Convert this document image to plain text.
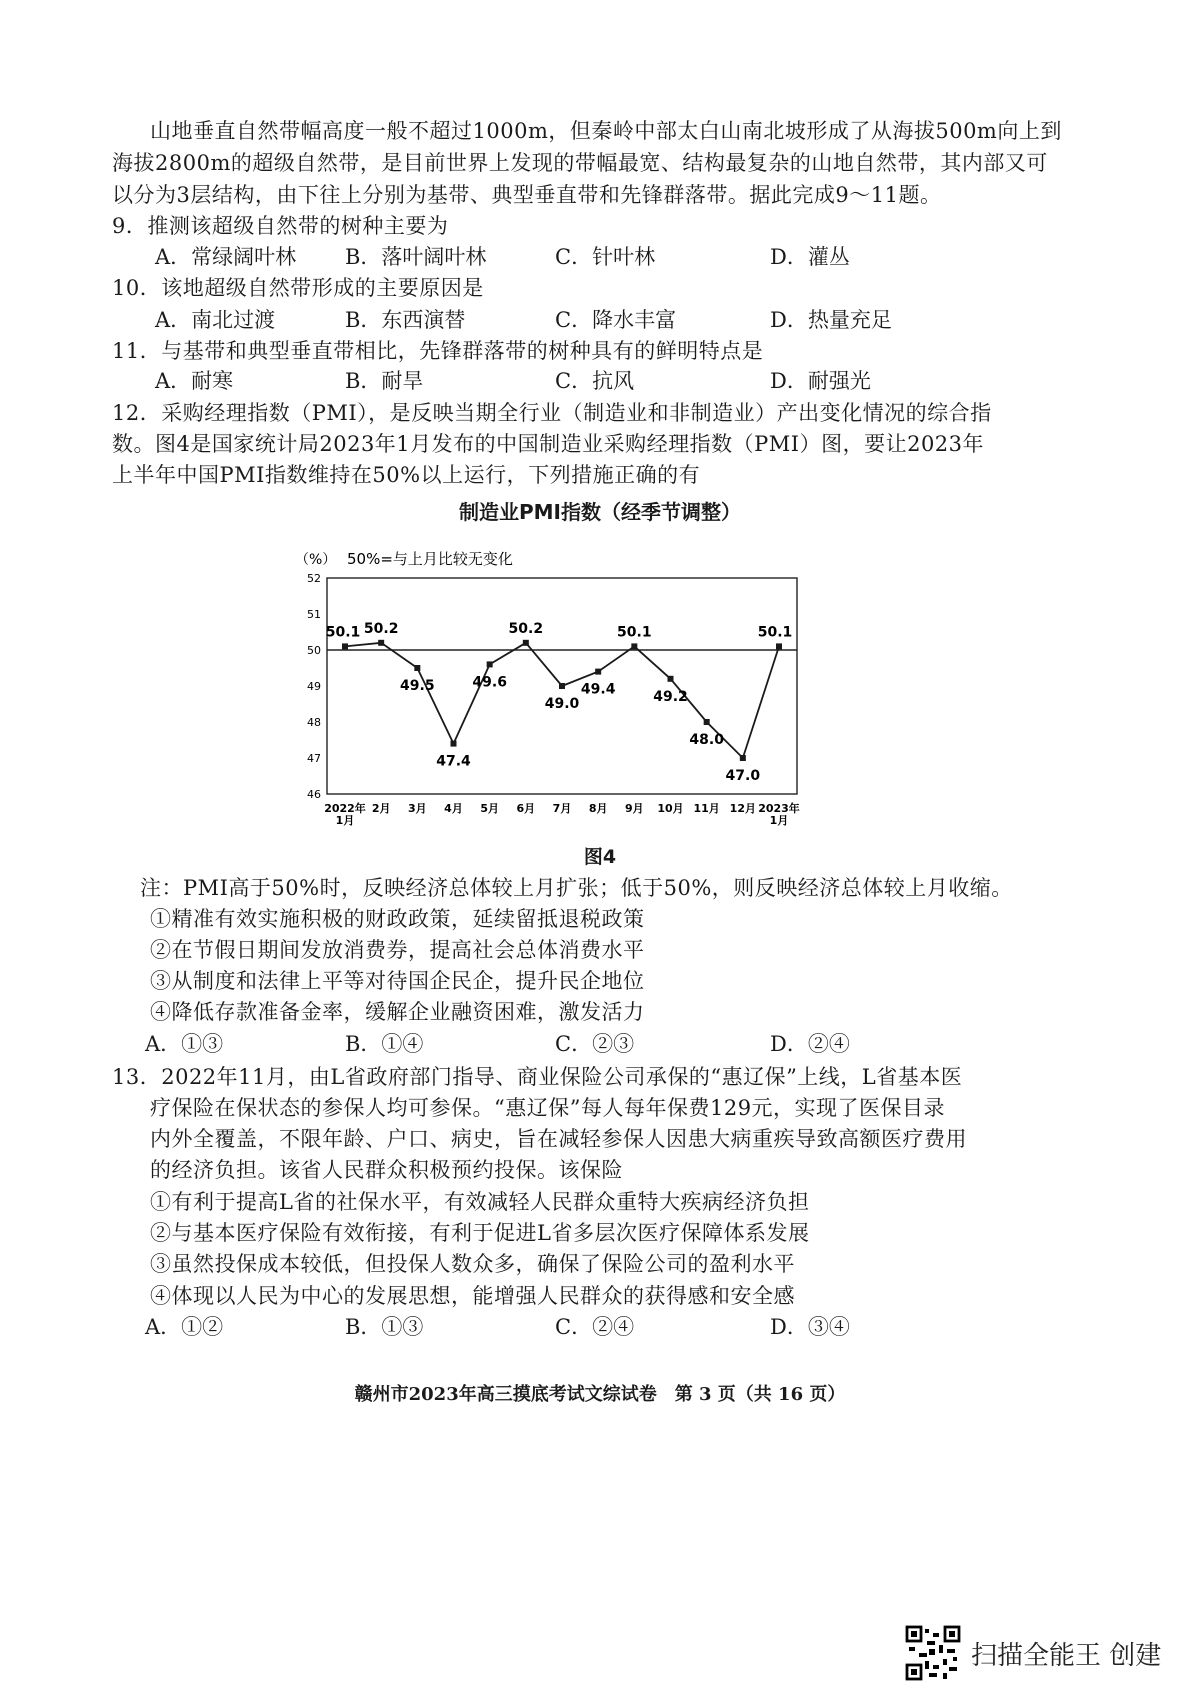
山地垂直自然带幅高度一般不超过1000m，但秦岭中部太白山南北坡形成了从海拔500m向上到
海拔2800m的超级自然带，是目前世界上发现的带幅最宽、结构最复杂的山地自然带，其内部又可
以分为3层结构，由下往上分别为基带、典型垂直带和先锋群落带。据此完成9～11题。
9．推测该超级自然带的树种主要为
A．常绿阔叶林 B．落叶阔叶林	C．针叶林	D．灌丛
10．该地超级自然带形成的主要原因是
A．南北过渡	B．东西演替	C．降水丰富	D．热量充足
11．与基带和典型垂直带相比，先锋群落带的树种具有的鲜明特点是
A．耐寒	B．耐旱	C．抗风	D．耐强光
12．采购经理指数（PMI），是反映当期全行业（制造业和非制造业）产出变化情况的综合指
数。图4是国家统计局2023年1月发布的中国制造业采购经理指数（PMI）图，要让2023年
上半年中国PMI指数维持在50%以上运行，下列措施正确的有
制造业PMI指数（经季节调整）
（%） 50%=与上月比较无变化
52
51
50
49
48
47
46
50.1 50.2
49.5
47.4
49.6
50.2
49.0
49.4
50.1
49.2
48.0
47.0
50.1
2022年
1月
2月 3月 4月 5月 6月 7月 8月 9月 10月 11月 12月 2023年
1月
图4
注：PMI高于50%时，反映经济总体较上月扩张；低于50%，则反映经济总体较上月收缩。
①精准有效实施积极的财政政策，延续留抵退税政策
②在节假日期间发放消费券，提高社会总体消费水平
③从制度和法律上平等对待国企民企，提升民企地位
④降低存款准备金率，缓解企业融资困难，激发活力
A．①③	B．①④	C．②③	D．②④
13．2022年11月，由L省政府部门指导、商业保险公司承保的“惠辽保”上线，L省基本医
疗保险在保状态的参保人均可参保。“惠辽保”每人每年保费129元，实现了医保目录
内外全覆盖，不限年龄、户口、病史，旨在减轻参保人因患大病重疾导致高额医疗费用
的经济负担。该省人民群众积极预约投保。该保险
①有利于提高L省的社保水平，有效减轻人民群众重特大疾病经济负担
②与基本医疗保险有效衔接，有利于促进L省多层次医疗保障体系发展
③虽然投保成本较低，但投保人数众多，确保了保险公司的盈利水平
④体现以人民为中心的发展思想，能增强人民群众的获得感和安全感
A．①②	B．①③	C．②④	D．③④
赣州市2023年高三摸底考试文综试卷　第 3 页（共 16 页）
扫描全能王 创建
